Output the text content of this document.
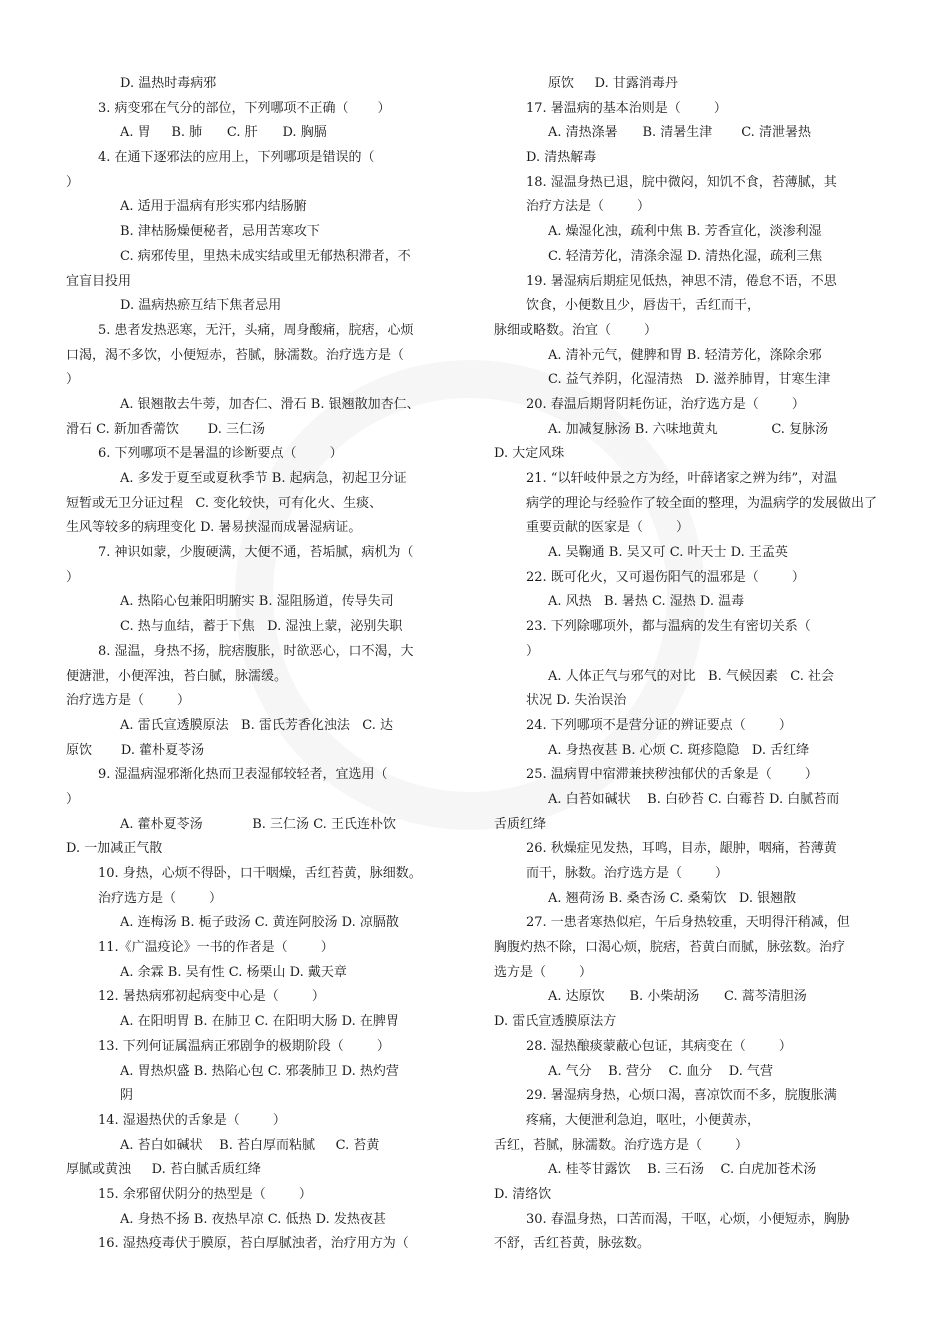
D. 温热时毒病邪
3. 病变邪在气分的部位，下列哪项不正确（       ）
A. 胃     B. 肺      C. 肝      D. 胸膈
4. 在通下逐邪法的应用上，下列哪项是错误的（
）
A. 适用于温病有形实邪内结肠腑
B. 津枯肠燥便秘者，忌用苦寒攻下
C. 病邪传里，里热未成实结或里无郁热积滞者，不
宜盲目投用
D. 温病热瘀互结下焦者忌用
5. 患者发热恶寒，无汗，头痛，周身酸痛，脘痞，心烦
口渴，渴不多饮，小便短赤，苔腻，脉濡数。治疗选方是（
）
A. 银翘散去牛蒡，加杏仁、滑石 B. 银翘散加杏仁、
滑石 C. 新加香薷饮       D. 三仁汤
6. 下列哪项不是暑温的诊断要点（        ）
A. 多发于夏至或夏秋季节 B. 起病急，初起卫分证
短暂或无卫分证过程   C. 变化较快，可有化火、生痰、
生风等较多的病理变化 D. 暑易挟湿而成暑湿病证。
7. 神识如蒙，少腹硬满，大便不通，苔垢腻，病机为（
）
A. 热陷心包兼阳明腑实 B. 湿阻肠道，传导失司
C. 热与血结，蓄于下焦   D. 湿浊上蒙，泌别失职
8. 湿温，身热不扬，脘痞腹胀，时欲恶心，口不渴，大
便溏泄，小便浑浊，苔白腻，脉濡缓。
治疗选方是（        ）
A. 雷氏宣透膜原法   B. 雷氏芳香化浊法   C. 达
原饮       D. 藿朴夏苓汤
9. 湿温病湿邪渐化热而卫表湿郁较轻者，宜选用（
）
A. 藿朴夏苓汤            B. 三仁汤 C. 王氏连朴饮
D. 一加减正气散
10. 身热，心烦不得卧，口干咽燥，舌红苔黄，脉细数。
治疗选方是（        ）
A. 连梅汤 B. 栀子豉汤 C. 黄连阿胶汤 D. 凉膈散
11.《广温疫论》一书的作者是（        ）
A. 余霖 B. 吴有性 C. 杨栗山 D. 戴天章
12. 暑热病邪初起病变中心是（        ）
A. 在阳明胃 B. 在肺卫 C. 在阳明大肠 D. 在脾胃
13. 下列何证属温病正邪剧争的极期阶段（        ）
A. 胃热炽盛 B. 热陷心包 C. 邪袭肺卫 D. 热灼营
阴
14. 湿遏热伏的舌象是（        ）
A. 苔白如碱状    B. 苔白厚而粘腻     C. 苔黄
厚腻或黄浊     D. 苔白腻舌质红绛
15. 余邪留伏阴分的热型是（        ）
A. 身热不扬 B. 夜热早凉 C. 低热 D. 发热夜甚
16. 湿热疫毒伏于膜原，苔白厚腻浊者，治疗用方为（
原饮     D. 甘露消毒丹
17. 暑温病的基本治则是（        ）
A. 清热涤暑      B. 清暑生津       C. 清泄暑热
D. 清热解毒
18. 湿温身热已退，脘中微闷，知饥不食，苔薄腻，其
治疗方法是（        ）
A. 燥湿化浊，疏利中焦 B. 芳香宣化，淡渗利湿
C. 轻清芳化，清涤余湿 D. 清热化湿，疏利三焦
19. 暑湿病后期症见低热，神思不清，倦怠不语，不思
饮食，小便数且少，唇齿干，舌红而干，
脉细或略数。治宜（        ）
A. 清补元气，健脾和胃 B. 轻清芳化，涤除余邪
C. 益气养阴，化湿清热   D. 滋养肺胃，甘寒生津
20. 春温后期肾阴耗伤证，治疗选方是（        ）
A. 加减复脉汤 B. 六味地黄丸             C. 复脉汤
D. 大定风珠
21. “以轩岐仲景之方为经，叶薛诸家之辨为纬”，对温
病学的理论与经验作了较全面的整理，为温病学的发展做出了
重要贡献的医家是（        ）
A. 吴鞠通 B. 吴又可 C. 叶天士 D. 王孟英
22. 既可化火，又可遏伤阳气的温邪是（        ）
A. 风热   B. 暑热 C. 湿热 D. 温毒
23. 下列除哪项外，都与温病的发生有密切关系（
）
A. 人体正气与邪气的对比   B. 气候因素   C. 社会
状况 D. 失治误治
24. 下列哪项不是营分证的辨证要点（        ）
A. 身热夜甚 B. 心烦 C. 斑疹隐隐   D. 舌红绛
25. 温病胃中宿滞兼挟秽浊郁伏的舌象是（        ）
A. 白苔如碱状    B. 白砂苔 C. 白霉苔 D. 白腻苔而
舌质红绛
26. 秋燥症见发热，耳鸣，目赤，龈肿，咽痛，苔薄黄
而干，脉数。治疗选方是（        ）
A. 翘荷汤 B. 桑杏汤 C. 桑菊饮   D. 银翘散
27. 一患者寒热似疟，午后身热较重，天明得汗稍减，但
胸腹灼热不除，口渴心烦，脘痞，苔黄白而腻，脉弦数。治疗
选方是（        ）
A. 达原饮      B. 小柴胡汤      C. 蒿芩清胆汤
D. 雷氏宣透膜原法方
28. 湿热酿痰蒙蔽心包证，其病变在（        ）
A. 气分    B. 营分    C. 血分    D. 气营
29. 暑湿病身热，心烦口渴，喜凉饮而不多，脘腹胀满
疼痛，大便泄利急迫，呕吐，小便黄赤，
舌红，苔腻，脉濡数。治疗选方是（        ）
A. 桂苓甘露饮    B. 三石汤    C. 白虎加苍术汤
D. 清络饮
30. 春温身热，口苦而渴，干呕，心烦，小便短赤，胸胁
不舒，舌红苔黄，脉弦数。
